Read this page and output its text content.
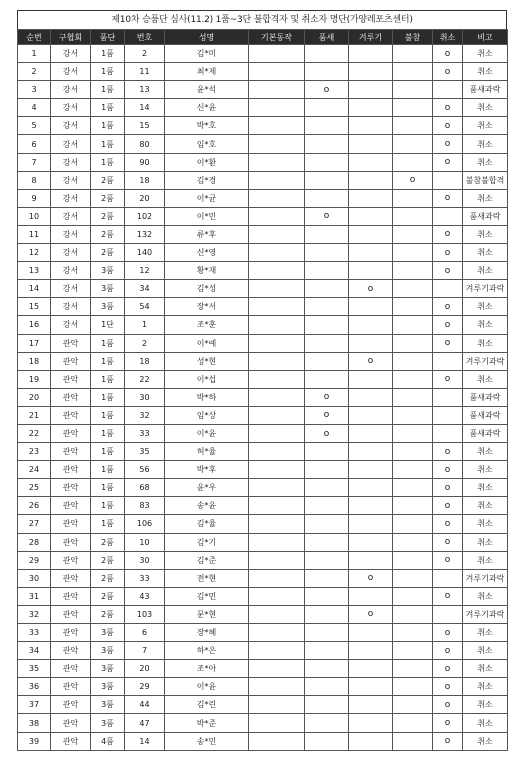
제10차 승품단 심사(11.2) 1품~3단 불합격자 및 취소자 명단(가양레포츠센터)
순번	구협회	품단	번호	성명	기본동작	품새	겨루기	불참	취소	비고
1	강서	1품	2	김*미					o	취소
2	강서	1품	11	최*제					o	취소
3	강서	1품	13	윤*석		o				품새과락
4	강서	1품	14	신*윤					o	취소
5	강서	1품	15	박*호					o	취소
6	강서	1품	80	임*호					o	취소
7	강서	1품	90	이*환					o	취소
8	강서	2품	18	김*경				o		불참불합격
9	강서	2품	20	이*균					o	취소
10	강서	2품	102	이*민		o				품새과락
11	강서	2품	132	류*후					o	취소
12	강서	2품	140	신*영					o	취소
13	강서	3품	12	황*재					o	취소
14	강서	3품	34	김*성			o			겨루기과락
15	강서	3품	54	장*서					o	취소
16	강서	1단	1	조*훈					o	취소
17	관악	1품	2	이*예					o	취소
18	관악	1품	18	성*현			o			겨루기과락
19	관악	1품	22	이*섭					o	취소
20	관악	1품	30	박*하		o				품새과락
21	관악	1품	32	임*상		o				품새과락
22	관악	1품	33	이*윤		o				품새과락
23	관악	1품	35	허*율					o	취소
24	관악	1품	56	박*후					o	취소
25	관악	1품	68	윤*우					o	취소
26	관악	1품	83	송*윤					o	취소
27	관악	1품	106	김*율					o	취소
28	관악	2품	10	김*기					o	취소
29	관악	2품	30	김*준					o	취소
30	관악	2품	33	전*현			o			겨루기과락
31	관악	2품	43	김*민					o	취소
32	관악	2품	103	문*현			o			겨루기과락
33	관악	3품	6	장*혜					o	취소
34	관악	3품	7	하*은					o	취소
35	관악	3품	20	조*아					o	취소
36	관악	3품	29	이*윤					o	취소
37	관악	3품	44	김*린					o	취소
38	관악	3품	47	박*준					o	취소
39	관악	4품	14	송*민					o	취소
